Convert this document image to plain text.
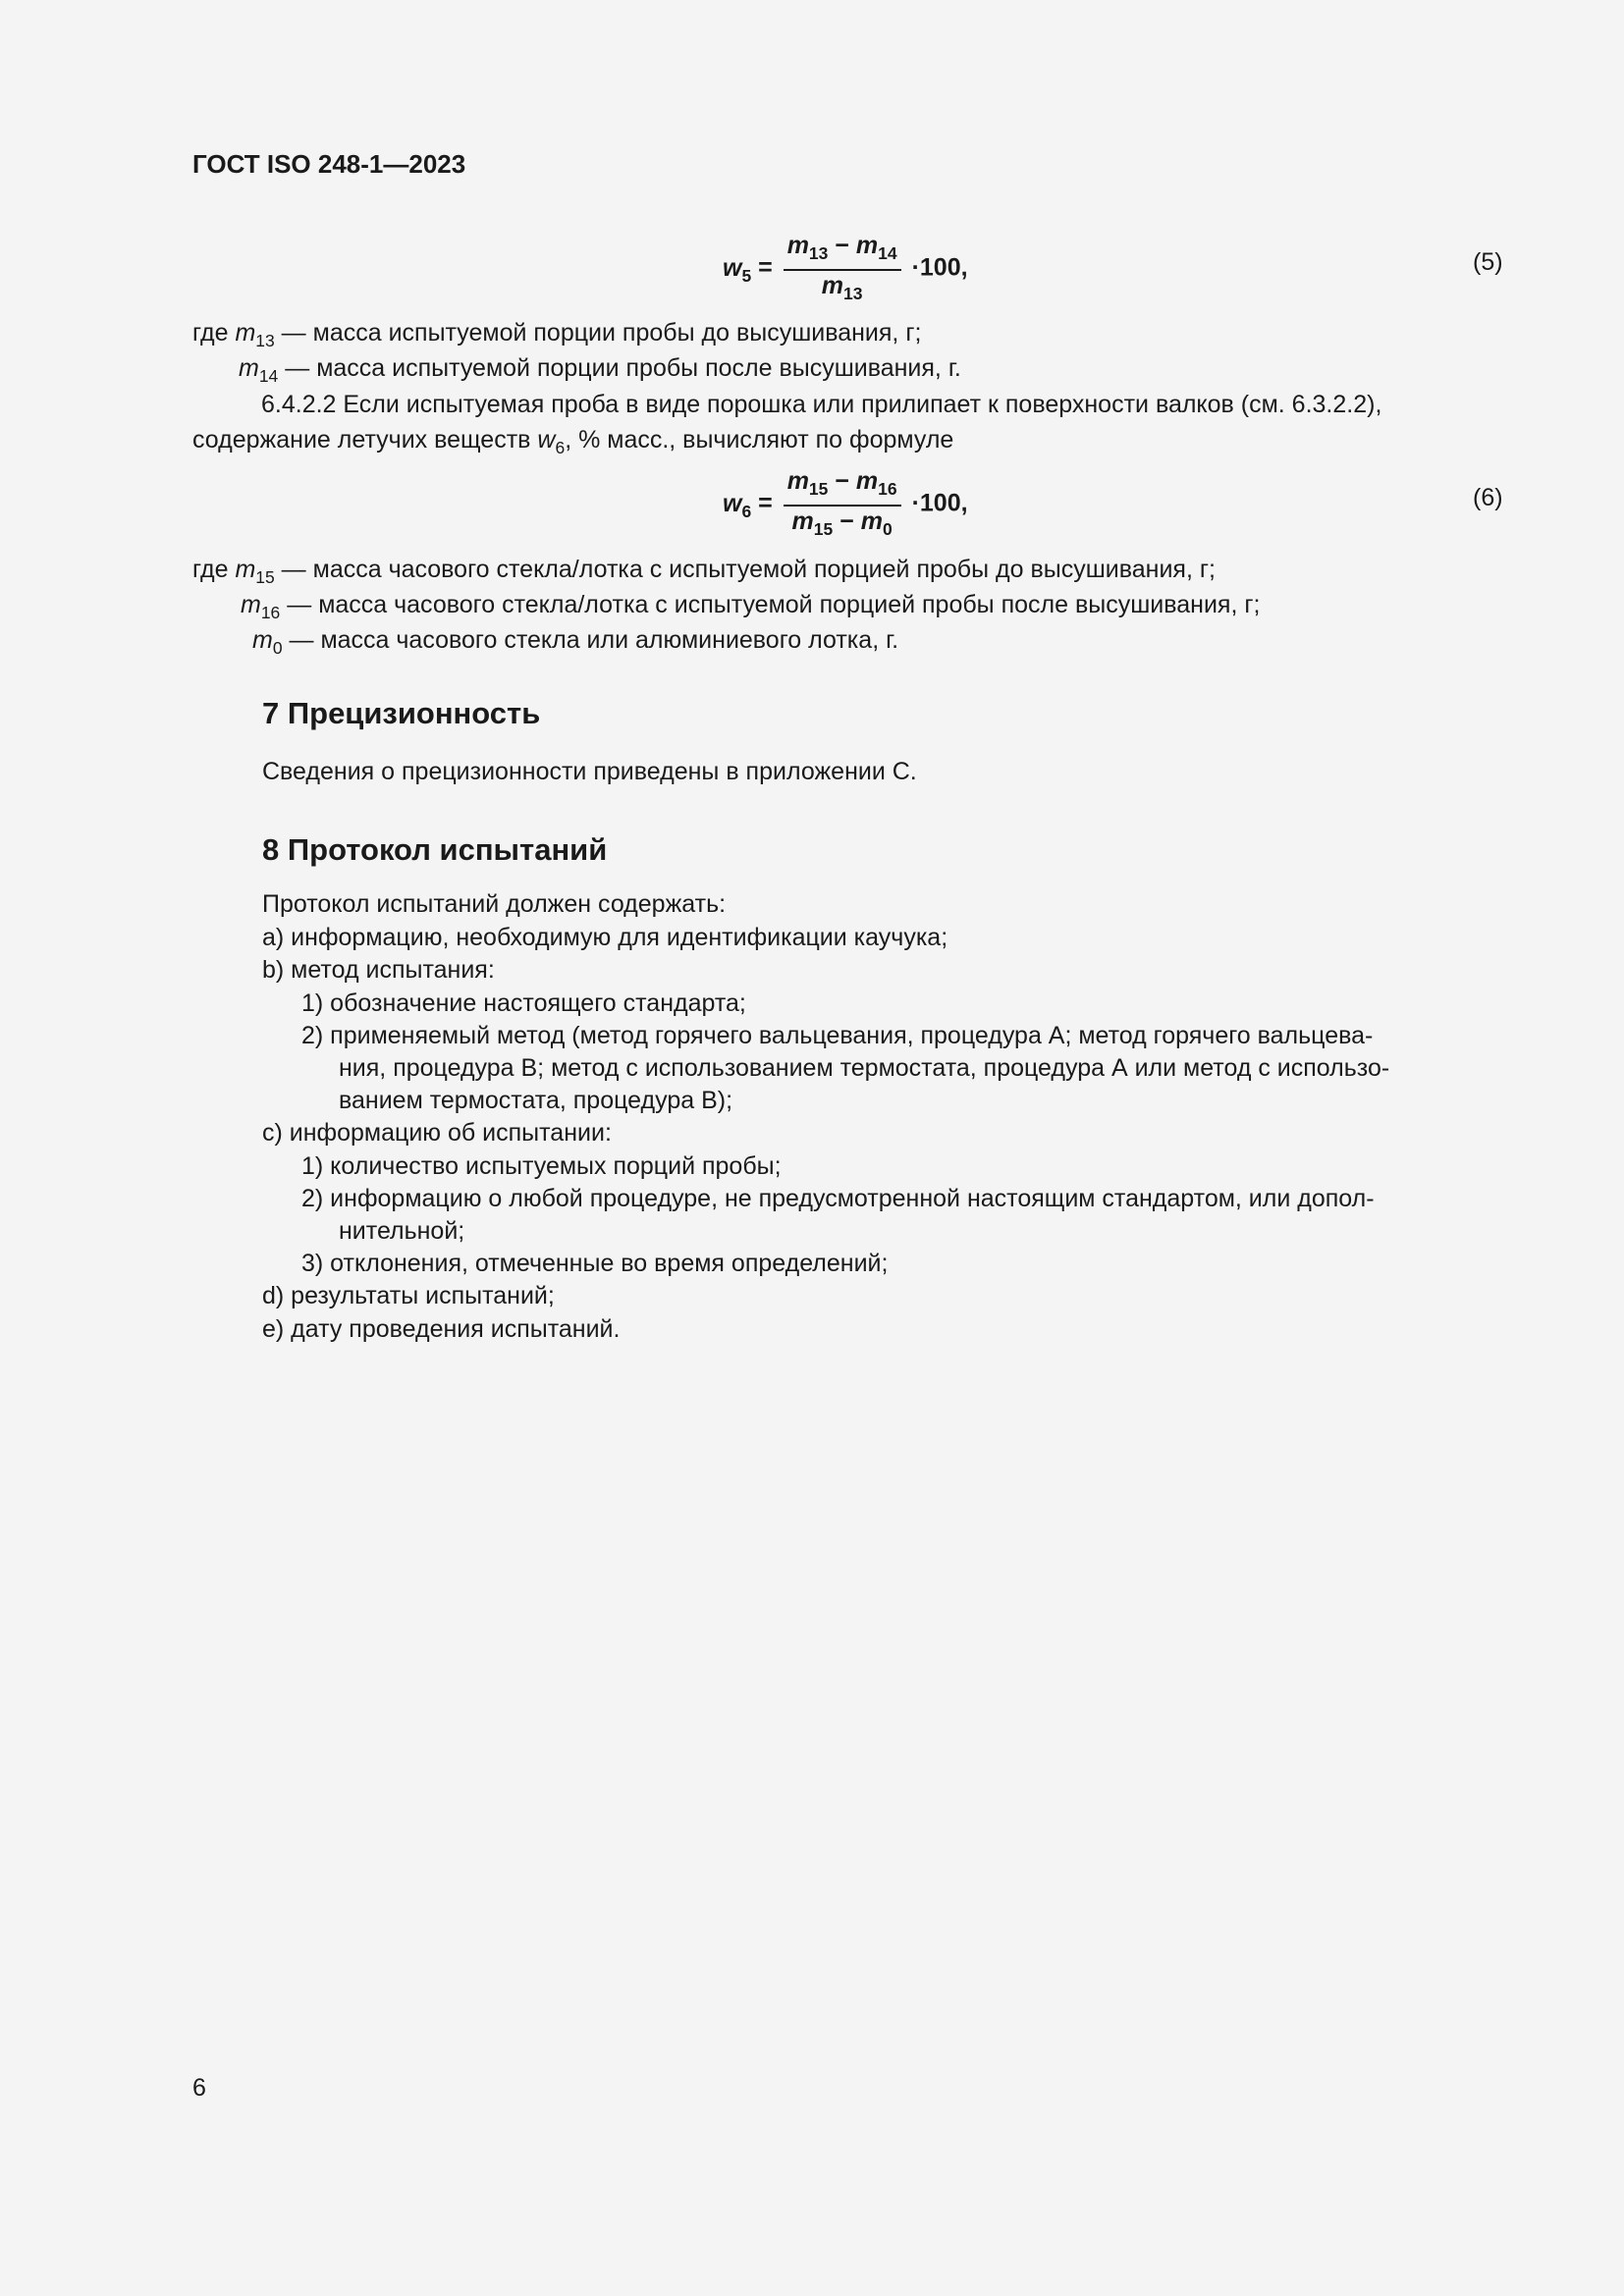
ГОСТ ISO 248-1—2023
$w_5 = \frac{m_{13} - m_{14}}{m_{13}} \cdot 100$,	(5)
где $m_{13}$ — масса испытуемой порции пробы до высушивания, г;
$m_{14}$ — масса испытуемой порции пробы после высушивания, г.
6.4.2.2 Если испытуемая проба в виде порошка или прилипает к поверхности валков (см. 6.3.2.2),
содержание летучих веществ $w_6$, % масс., вычисляют по формуле
$w_6 = \frac{m_{15} - m_{16}}{m_{15} - m_0} \cdot 100$,	(6)
где $m_{15}$ — масса часового стекла/лотка с испытуемой порцией пробы до высушивания, г;
$m_{16}$ — масса часового стекла/лотка с испытуемой порцией пробы после высушивания, г;
$m_0$ — масса часового стекла или алюминиевого лотка, г.
7 Прецизионность
Сведения о прецизионности приведены в приложении С.
8 Протокол испытаний
Протокол испытаний должен содержать:
a) информацию, необходимую для идентификации каучука;
b) метод испытания:
1) обозначение настоящего стандарта;
2) применяемый метод (метод горячего вальцевания, процедура А; метод горячего вальцева-
ния, процедура В; метод с использованием термостата, процедура А или метод с использо-
ванием термостата, процедура В);
c) информацию об испытании:
1) количество испытуемых порций пробы;
2) информацию о любой процедуре, не предусмотренной настоящим стандартом, или допол-
нительной;
3) отклонения, отмеченные во время определений;
d) результаты испытаний;
e) дату проведения испытаний.
6
